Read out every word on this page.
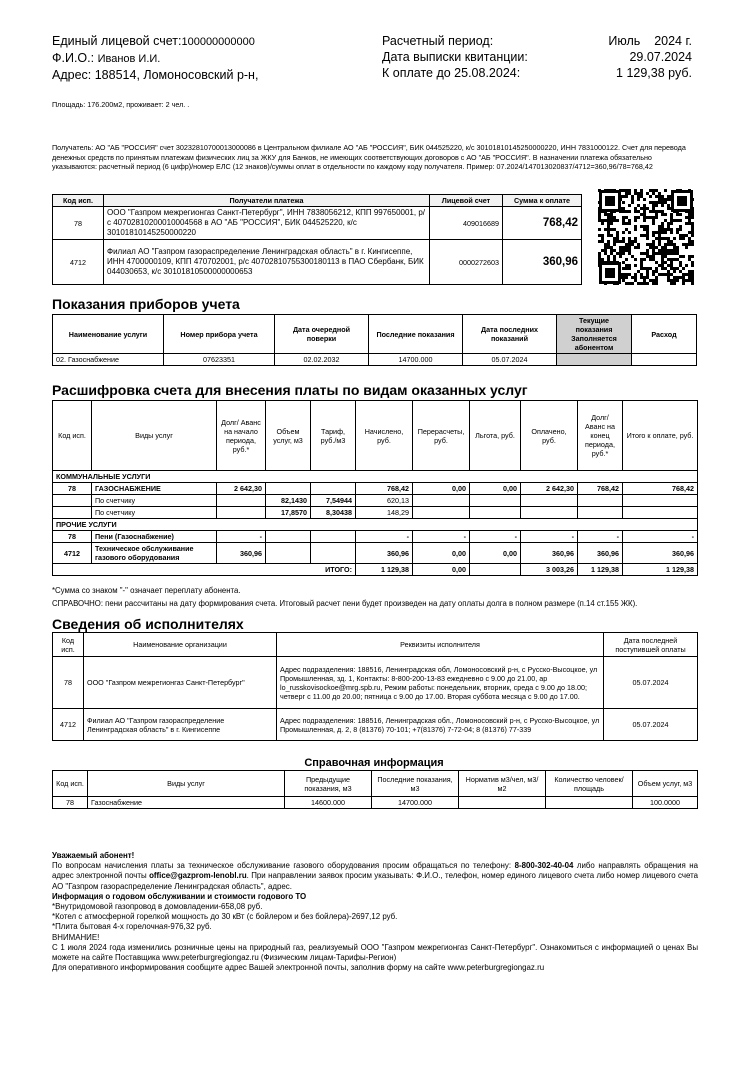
Единый лицевой счет:100000000000
Ф.И.О.: Иванов И.И.
Адрес: 188514, Ломоносовский р-н,
Расчетный период:	Июль    2024 г.
Дата выписки квитанции:	29.07.2024
К оплате до 25.08.2024:	1 129,38 руб.
Площадь: 176.200м2, проживает: 2 чел. .
Получатель: АО "АБ "РОССИЯ" счет 30232810700013000086 в Центральном филиале АО "АБ "РОССИЯ", БИК 044525220, к/с 30101810145250000220, ИНН 7831000122. Счет для перевода денежных средств по принятым платежам физических лиц за ЖКУ для Банков, не имеющих соответствующих договоров с АО "АБ "РОССИЯ". В назначении платежа обязательно указываются: расчетный период (6 цифр)/номер ЕЛС (12 знаков)/суммы оплат в отдельности по каждому коду получателя. Пример: 07.2024/147013020837/4712=360,96/78=768,42
Код исп.	Получатели платежа	Лицевой счет	Сумма к оплате
78	ООО "Газпром межрегионгаз Санкт-Петербург", ИНН 7838056212, КПП 997650001, р/с 40702810200010004568 в АО "АБ "РОССИЯ", БИК 044525220, к/с 30101810145250000220	409016689	768,42
4712	Филиал АО "Газпром газораспределение Ленинградская область" в г. Кингисеппе, ИНН 4700000109, КПП 470702001, р/с 40702810755300180113 в ПАО Сбербанк, БИК 044030653, к/с 30101810500000000653	0000272603	360,96
Показания приборов учета
Наименование услуги	Номер прибора учета	Дата очередной поверки	Последние показания	Дата последних показаний	Текущие показания Заполняется абонентом	Расход
02. Газоснабжение	07623351	02.02.2032	14700.000	05.07.2024		
Расшифровка счета для внесения платы по видам оказанных услуг
Код исп.	Виды услуг	Долг/ Аванс на начало периода, руб.*	Объем услуг, м3	Тариф, руб./м3	Начислено, руб.	Перерасчеты, руб.	Льгота, руб.	Оплачено, руб.	Долг/ Аванс на конец периода, руб.*	Итого к оплате, руб.
КОММУНАЛЬНЫЕ УСЛУГИ										
78	ГАЗОСНАБЖЕНИЕ	2 642,30			768,42	0,00	0,00	2 642,30	768,42	768,42
	По счетчику		82,1430	7,54944	620,13					
	По счетчику		17,8570	8,30438	148,29					
ПРОЧИЕ УСЛУГИ										
78	Пени (Газоснабжение)	-			-	-	-	-	-	-
4712	Техническое обслуживание газового оборудования	360,96			360,96	0,00	0,00	360,96	360,96	360,96
ИТОГО:					1 129,38	0,00		3 003,26	1 129,38	1 129,38
*Сумма со знаком "-" означает переплату абонента.
СПРАВОЧНО: пени рассчитаны на дату формирования счета. Итоговый расчет пени будет произведен на дату оплаты долга в полном размере (п.14 ст.155 ЖК).
Сведения об исполнителях
Код исп.	Наименование организации	Реквизиты исполнителя	Дата последней поступившей оплаты
78	ООО "Газпром межрегионгаз Санкт-Петербург"	Адрес подразделения: 188516, Ленинградская обл, Ломоносовский р-н, с Русско-Высоцкое, ул Промышленная, зд. 1, Контакты: 8-800-200-13-83 ежедневно с 9.00 до 21.00, ар lo_russkovisockoe@mrg.spb.ru, Режим работы: понедельник, вторник, среда с 9.00 до 18.00; четверг с 11.00 до 20.00; пятница с 9.00 до 17.00. Вторая суббота месяца с 9.00 до 17.00.	05.07.2024
4712	Филиал АО "Газпром газораспределение Ленинградская область" в г. Кингисеппе	Адрес подразделения: 188516, Ленинградская обл., Ломоносовский р-н, с Русско-Высоцкое, ул Промышленная, д. 2, 8 (81376) 70-101; +7(81376) 7-72-04; 8 (81376) 77-339	05.07.2024
Справочная информация
Код исп.	Виды услуг	Предыдущие показания, м3	Последние показания, м3	Норматив м3/чел, м3/м2	Количество человек/ площадь	Объем услуг, м3
78	Газоснабжение	14600.000	14700.000			100.0000
Уважаемый абонент!
По вопросам начисления платы за техническое обслуживание газового оборудования просим обращаться по телефону: 8-800-302-40-04 либо направлять обращения на адрес электронной почты office@gazprom-lenobl.ru. При направлении заявок просим указывать: Ф.И.О., телефон, номер единого лицевого счета либо номер лицевого счета АО "Газпром газораспределение Ленинградская область", адрес.
Информация о годовом обслуживании и стоимости годового ТО
*Внутридомовой газопровод в домовладении-658,08 руб.
*Котел с атмосферной горелкой мощность до 30 кВт (с бойлером и без бойлера)-2697,12 руб.
*Плита бытовая 4-х горелочная-976,32 руб.
ВНИМАНИЕ!
С 1 июля 2024 года изменились розничные цены на природный газ, реализуемый ООО "Газпром межрегионгаз Санкт-Петербург". Ознакомиться с информацией о ценах Вы можете на сайте Поставщика www.peterburgregiongaz.ru (Физическим лицам-Тарифы-Регион)
Для оперативного информирования сообщите адрес Вашей электронной почты, заполнив форму на сайте www.peterburgregiongaz.ru
